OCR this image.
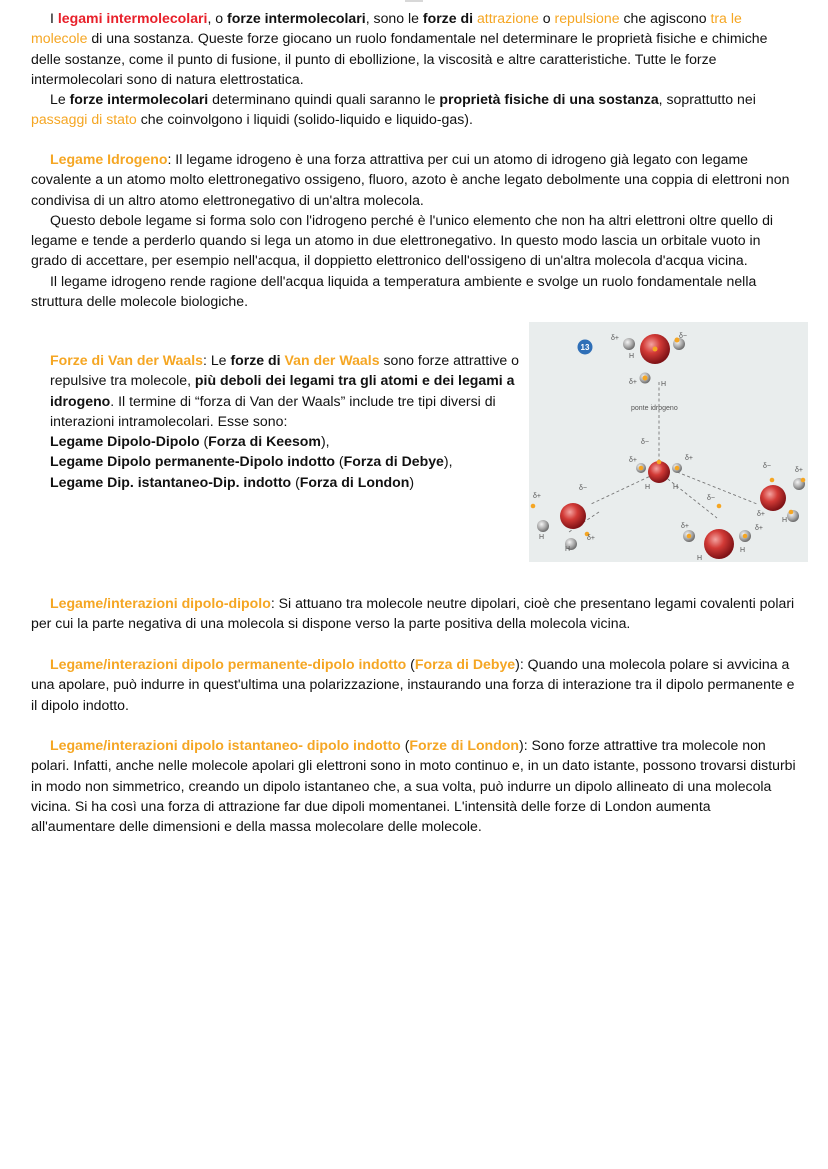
I legami intermolecolari, o forze intermolecolari, sono le forze di attrazione o repulsione che agiscono tra le molecole di una sostanza. Queste forze giocano un ruolo fondamentale nel determinare le proprietà fisiche e chimiche delle sostanze, come il punto di fusione, il punto di ebollizione, la viscosità e altre caratteristiche. Tutte le forze intermolecolari sono di natura elettrostatica.

Le forze intermolecolari determinano quindi quali saranno le proprietà fisiche di una sostanza, soprattutto nei passaggi di stato che coinvolgono i liquidi (solido-liquido e liquido-gas).

Legame Idrogeno: Il legame idrogeno è una forza attrattiva per cui un atomo di idrogeno già legato con legame covalente a un atomo molto elettronegativo ossigeno, fluoro, azoto è anche legato debolmente una coppia di elettroni non condivisa di un altro atomo elettronegativo di un'altra molecola.

Questo debole legame si forma solo con l'idrogeno perché è l'unico elemento che non ha altri elettroni oltre quello di legame e tende a perderlo quando si lega un atomo in due elettronegativo. In questo modo lascia un orbitale vuoto in grado di accettare, per esempio nell'acqua, il doppietto elettronico dell'ossigeno di un'altra molecola d'acqua vicina.

Il legame idrogeno rende ragione dell'acqua liquida a temperatura ambiente e svolge un ruolo fondamentale nella struttura delle molecole biologiche.

Forze di Van der Waals: Le forze di Van der Waals sono forze attrattive o repulsive tra molecole, più deboli dei legami tra gli atomi e dei legami a idrogeno. Il termine di “forza di Van der Waals” include tre tipi diversi di interazioni intramolecolari. Esse sono:

Legame Dipolo-Dipolo (Forza di Keesom),

Legame Dipolo permanente-Dipolo indotto (Forza di Debye),

Legame Dip. istantaneo-Dip. indotto (Forza di London)

13
ponte idrogeno
H
H
H	H
H
H
H
H
H
δ+	δ−
δ+
δ−
δ+	δ+
δ−
δ+
δ+
δ−
δ+
δ−
δ+
δ+
δ+

Legame/interazioni dipolo-dipolo: Si attuano tra molecole neutre dipolari, cioè che presentano legami covalenti polari per cui la parte negativa di una molecola si dispone verso la parte positiva della molecola vicina.

Legame/interazioni dipolo permanente-dipolo indotto (Forza di Debye): Quando una molecola polare si avvicina a una apolare, può indurre in quest'ultima una polarizzazione, instaurando una forza di interazione tra il dipolo permanente e il dipolo indotto.

Legame/interazioni dipolo istantaneo- dipolo indotto (Forze di London): Sono forze attrattive tra molecole non polari. Infatti, anche nelle molecole apolari gli elettroni sono in moto continuo e, in un dato istante, possono trovarsi disturbi in modo non simmetrico, creando un dipolo istantaneo che, a sua volta, può indurre un dipolo allineato di una molecola vicina. Si ha così una forza di attrazione far due dipoli momentanei. L'intensità delle forze di London aumenta all'aumentare delle dimensioni e della massa molecolare delle molecole.
